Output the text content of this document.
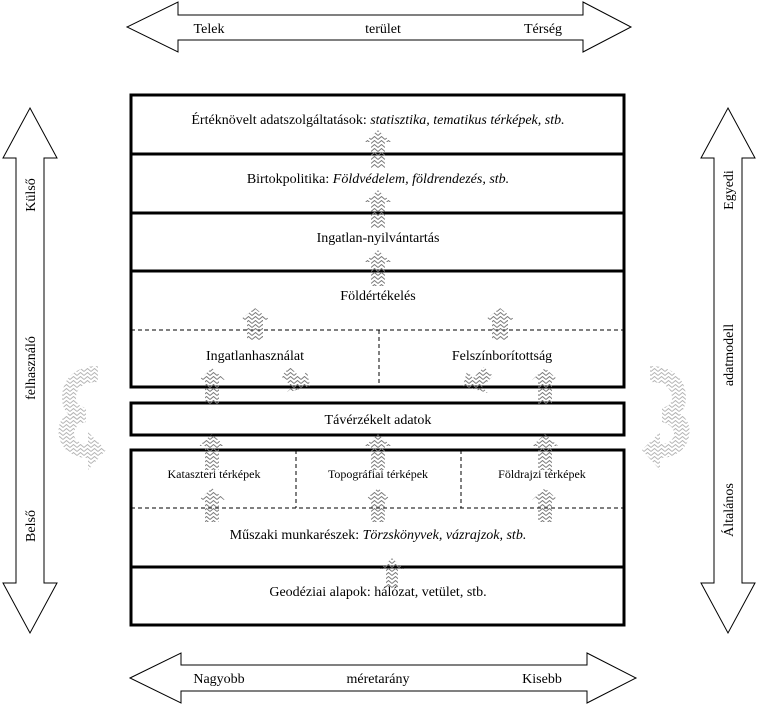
Telek	terület	Térség
Nagyobb	méretarány	Kisebb
Külső
felhasználó
Belső
Egyedi
adatmodell
Általános
Értéknövelt adatszolgáltatások: statisztika, tematikus térképek, stb.
Birtokpolitika: Földvédelem, földrendezés, stb.
Ingatlan-nyilvántartás
Földértékelés
Ingatlanhasználat	Felszínborítottság
Távérzékelt adatok
Kataszteri térképek	Topográfiai térképek	Földrajzi térképek
Műszaki munkarészek: Törzskönyvek, vázrajzok, stb.
Geodéziai alapok: hálózat, vetület, stb.
